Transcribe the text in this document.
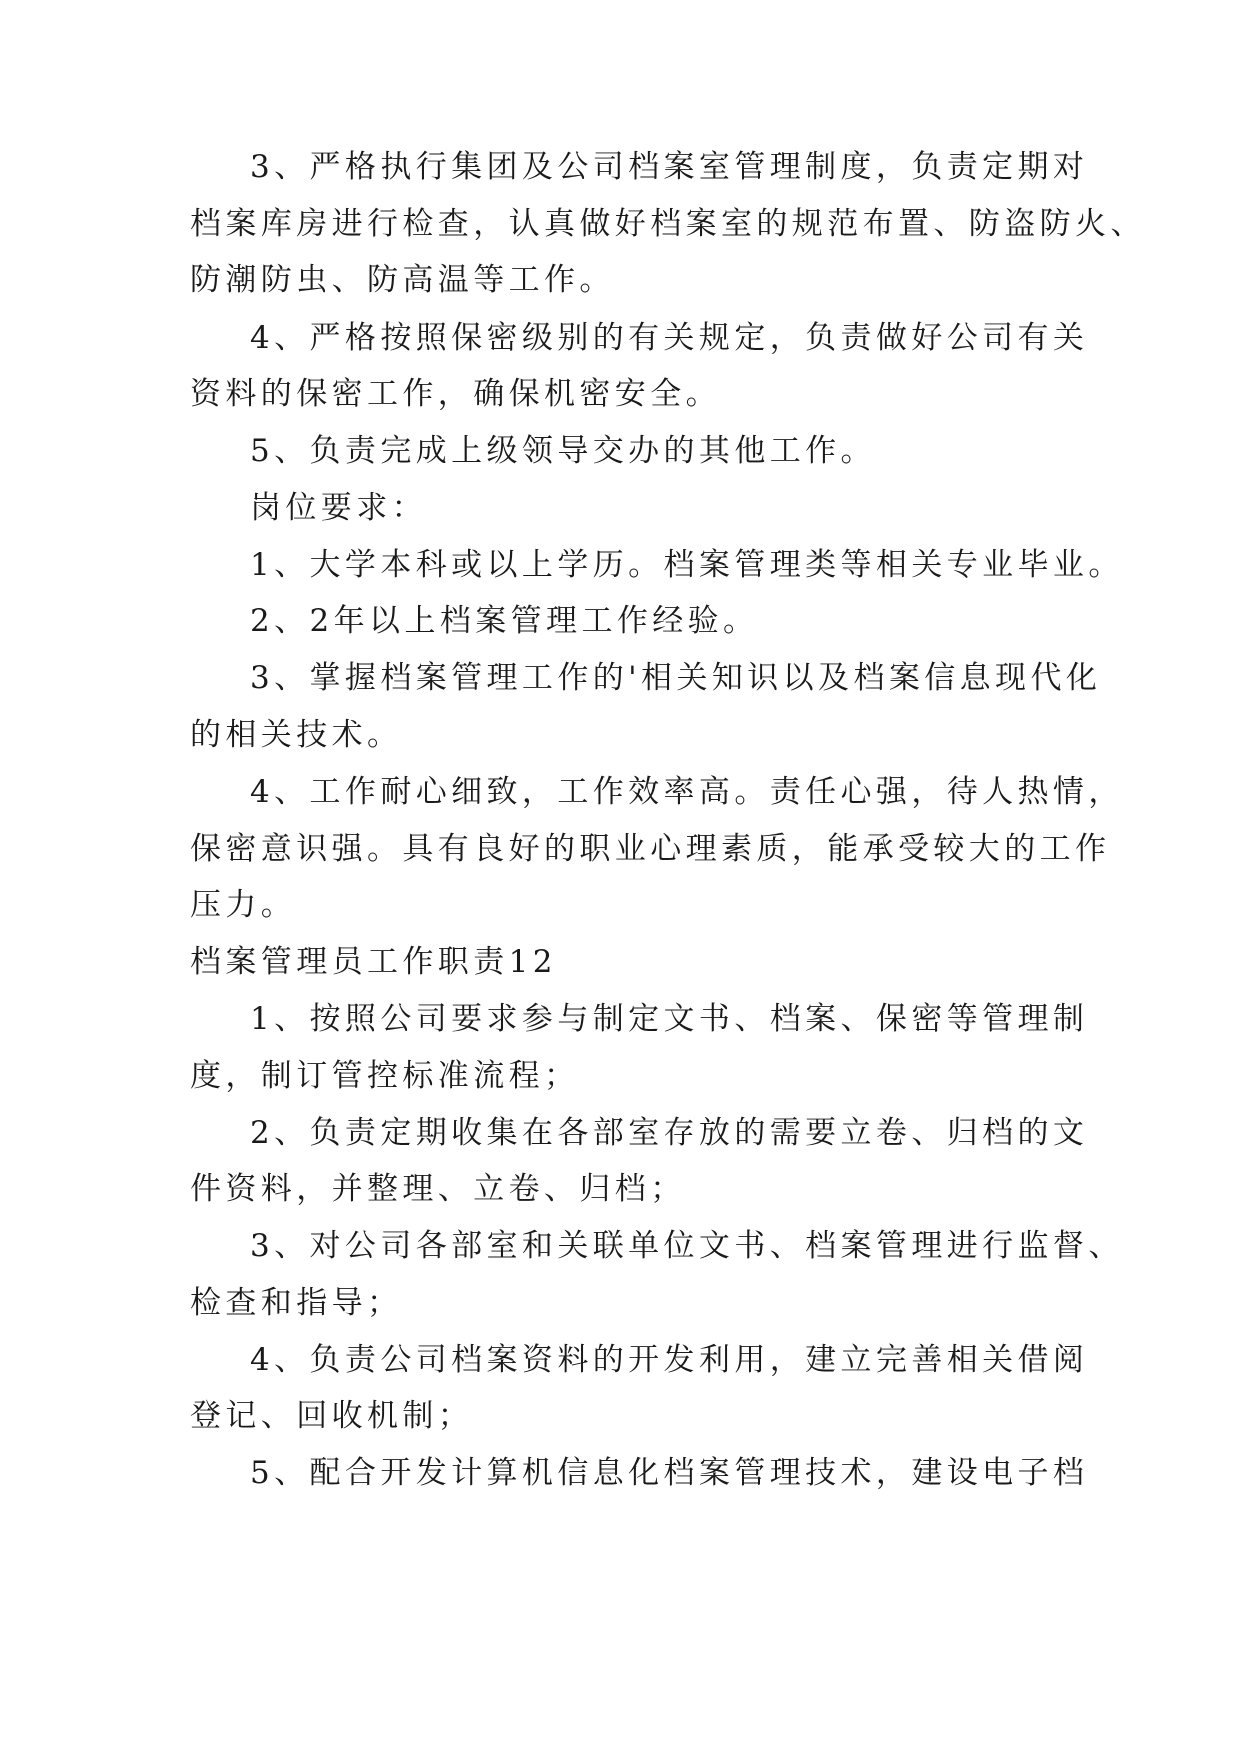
3、严格执行集团及公司档案室管理制度，负责定期对
档案库房进行检查，认真做好档案室的规范布置、防盗防火、
防潮防虫、防高温等工作。
4、严格按照保密级别的有关规定，负责做好公司有关
资料的保密工作，确保机密安全。
5、负责完成上级领导交办的其他工作。
岗位要求：
1、大学本科或以上学历。档案管理类等相关专业毕业。
2、2年以上档案管理工作经验。
3、掌握档案管理工作的'相关知识以及档案信息现代化
的相关技术。
4、工作耐心细致，工作效率高。责任心强，待人热情，
保密意识强。具有良好的职业心理素质，能承受较大的工作
压力。
档案管理员工作职责12
1、按照公司要求参与制定文书、档案、保密等管理制
度，制订管控标准流程；
2、负责定期收集在各部室存放的需要立卷、归档的文
件资料，并整理、立卷、归档；
3、对公司各部室和关联单位文书、档案管理进行监督、
检查和指导；
4、负责公司档案资料的开发利用，建立完善相关借阅
登记、回收机制；
5、配合开发计算机信息化档案管理技术，建设电子档
